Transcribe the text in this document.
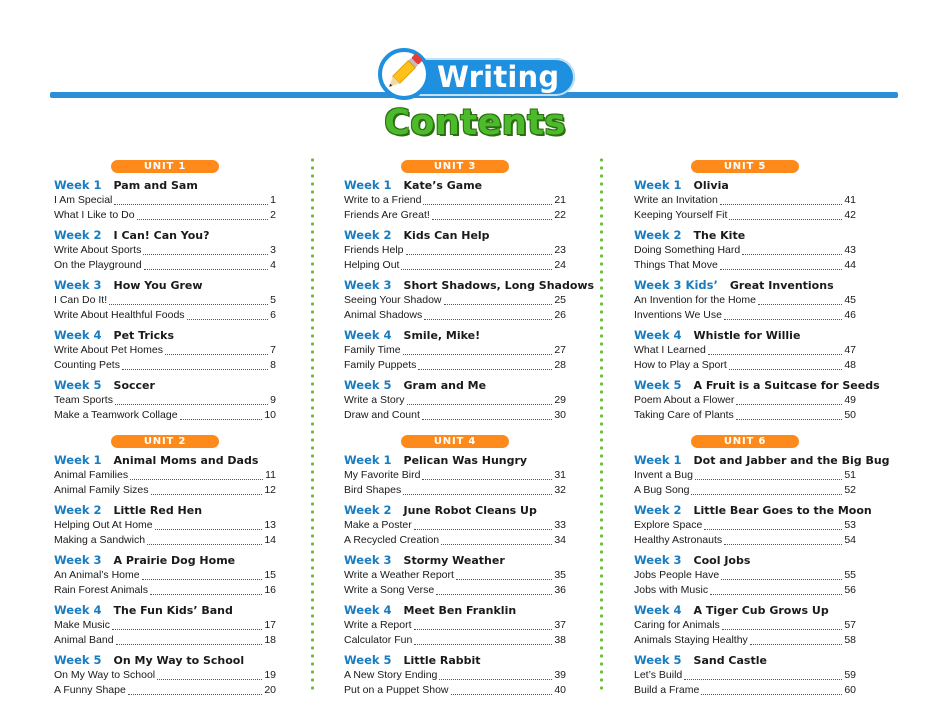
Writing
Contents
UNIT 1
Week 1 Pam and Sam
I Am Special	1
What I Like to Do	2
Week 2 I Can! Can You?
Write About Sports	3
On the Playground	4
Week 3 How You Grew
I Can Do It!	5
Write About Healthful Foods	6
Week 4 Pet Tricks
Write About Pet Homes	7
Counting Pets	8
Week 5 Soccer
Team Sports	9
Make a Teamwork Collage	10
UNIT 2
Week 1 Animal Moms and Dads
Animal Families	11
Animal Family Sizes	12
Week 2 Little Red Hen
Helping Out At Home	13
Making a Sandwich	14
Week 3 A Prairie Dog Home
An Animal’s Home	15
Rain Forest Animals	16
Week 4 The Fun Kids’ Band
Make Music	17
Animal Band	18
Week 5 On My Way to School
On My Way to School	19
A Funny Shape	20
UNIT 3
Week 1 Kate’s Game
Write to a Friend	21
Friends Are Great!	22
Week 2 Kids Can Help
Friends Help	23
Helping Out	24
Week 3 Short Shadows, Long Shadows
Seeing Your Shadow	25
Animal Shadows	26
Week 4 Smile, Mike!
Family Time	27
Family Puppets	28
Week 5 Gram and Me
Write a Story	29
Draw and Count	30
UNIT 4
Week 1 Pelican Was Hungry
My Favorite Bird	31
Bird Shapes	32
Week 2 June Robot Cleans Up
Make a Poster	33
A Recycled Creation	34
Week 3 Stormy Weather
Write a Weather Report	35
Write a Song Verse	36
Week 4 Meet Ben Franklin
Write a Report	37
Calculator Fun	38
Week 5 Little Rabbit
A New Story Ending	39
Put on a Puppet Show	40
UNIT 5
Week 1 Olivia
Write an Invitation	41
Keeping Yourself Fit	42
Week 2 The Kite
Doing Something Hard	43
Things That Move	44
Week 3 Kids’ Great Inventions
An Invention for the Home	45
Inventions We Use	46
Week 4 Whistle for Willie
What I Learned	47
How to Play a Sport	48
Week 5 A Fruit is a Suitcase for Seeds
Poem About a Flower	49
Taking Care of Plants	50
UNIT 6
Week 1 Dot and Jabber and the Big Bug
Invent a Bug	51
A Bug Song	52
Week 2 Little Bear Goes to the Moon
Explore Space	53
Healthy Astronauts	54
Week 3 Cool Jobs
Jobs People Have	55
Jobs with Music	56
Week 4 A Tiger Cub Grows Up
Caring for Animals	57
Animals Staying Healthy	58
Week 5 Sand Castle
Let’s Build	59
Build a Frame	60
